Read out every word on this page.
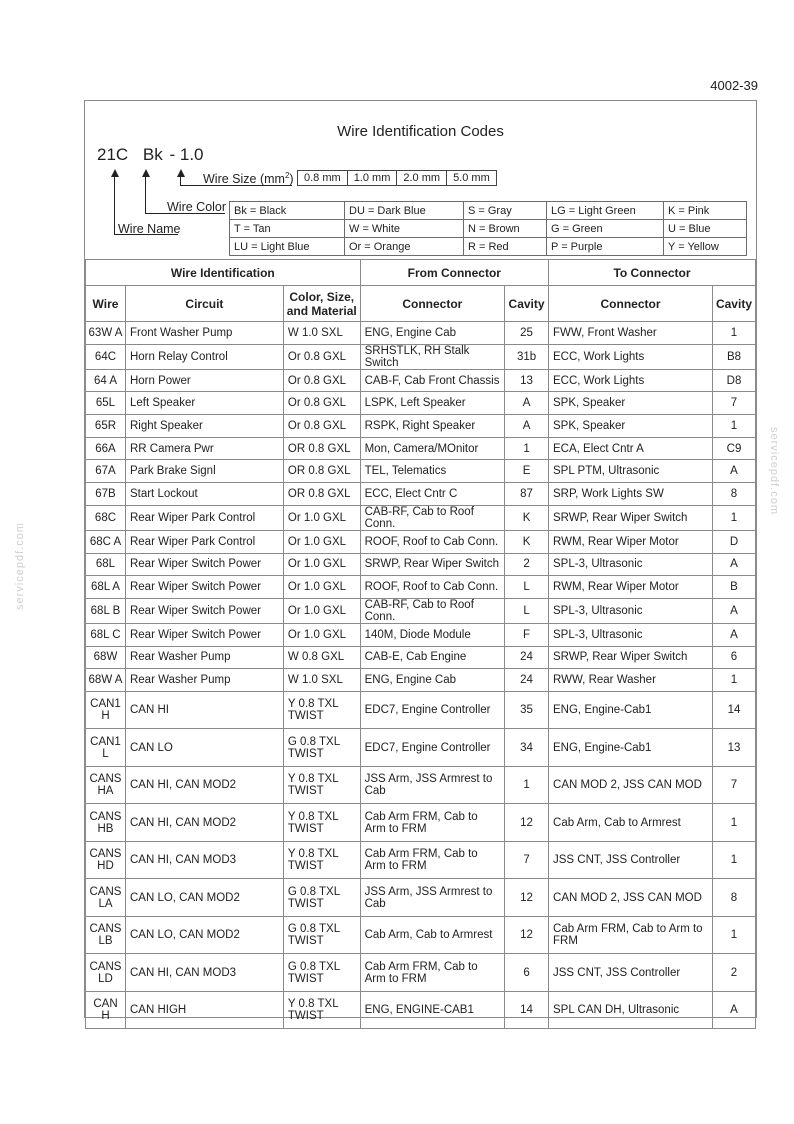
4002-39
servicepdf.com
servicepdf.com
Wire Identification Codes
21C Bk - 1.0
Wire Size $(mm^2)$ 0.8 mm	1.0 mm	2.0 mm	5.0 mm
Wire Color
Wire Name
Bk = Black	DU = Dark Blue	S = Gray	LG = Light Green	K = Pink
T = Tan	W = White	N = Brown	G = Green	U = Blue
LU = Light Blue	Or = Orange	R = Red	P = Purple	Y = Yellow
Wire Identification			From Connector		To Connector	
Wire	Circuit	Color, Size, and Material	Connector	Cavity	Connector	Cavity
63W A	Front Washer Pump	W 1.0 SXL	ENG, Engine Cab	25	FWW, Front Washer	1
64C	Horn Relay Control	Or 0.8 GXL	SRHSTLK, RH Stalk Switch	31b	ECC, Work Lights	B8
64 A	Horn Power	Or 0.8 GXL	CAB-F, Cab Front Chassis	13	ECC, Work Lights	D8
65L	Left Speaker	Or 0.8 GXL	LSPK, Left Speaker	A	SPK, Speaker	7
65R	Right Speaker	Or 0.8 GXL	RSPK, Right Speaker	A	SPK, Speaker	1
66A	RR Camera Pwr	OR 0.8 GXL	Mon, Camera/MOnitor	1	ECA, Elect Cntr A	C9
67A	Park Brake Signl	OR 0.8 GXL	TEL, Telematics	E	SPL PTM, Ultrasonic	A
67B	Start Lockout	OR 0.8 GXL	ECC, Elect Cntr C	87	SRP, Work Lights SW	8
68C	Rear Wiper Park Control	Or 1.0 GXL	CAB-RF, Cab to Roof Conn.	K	SRWP, Rear Wiper Switch	1
68C A	Rear Wiper Park Control	Or 1.0 GXL	ROOF, Roof to Cab Conn.	K	RWM, Rear Wiper Motor	D
68L	Rear Wiper Switch Power	Or 1.0 GXL	SRWP, Rear Wiper Switch	2	SPL-3, Ultrasonic	A
68L A	Rear Wiper Switch Power	Or 1.0 GXL	ROOF, Roof to Cab Conn.	L	RWM, Rear Wiper Motor	B
68L B	Rear Wiper Switch Power	Or 1.0 GXL	CAB-RF, Cab to Roof Conn.	L	SPL-3, Ultrasonic	A
68L C	Rear Wiper Switch Power	Or 1.0 GXL	140M, Diode Module	F	SPL-3, Ultrasonic	A
68W	Rear Washer Pump	W 0.8 GXL	CAB-E, Cab Engine	24	SRWP, Rear Wiper Switch	6
68W A	Rear Washer Pump	W 1.0 SXL	ENG, Engine Cab	24	RWW, Rear Washer	1
CAN1 H	CAN HI	Y 0.8 TXL TWIST	EDC7, Engine Controller	35	ENG, Engine-Cab1	14
CAN1 L	CAN LO	G 0.8 TXL TWIST	EDC7, Engine Controller	34	ENG, Engine-Cab1	13
CANS HA	CAN HI, CAN MOD2	Y 0.8 TXL TWIST	JSS Arm, JSS Armrest to Cab	1	CAN MOD 2, JSS CAN MOD	7
CANS HB	CAN HI, CAN MOD2	Y 0.8 TXL TWIST	Cab Arm FRM, Cab to Arm to FRM	12	Cab Arm, Cab to Armrest	1
CANS HD	CAN HI, CAN MOD3	Y 0.8 TXL TWIST	Cab Arm FRM, Cab to Arm to FRM	7	JSS CNT, JSS Controller	1
CANS LA	CAN LO, CAN MOD2	G 0.8 TXL TWIST	JSS Arm, JSS Armrest to Cab	12	CAN MOD 2, JSS CAN MOD	8
CANS LB	CAN LO, CAN MOD2	G 0.8 TXL TWIST	Cab Arm, Cab to Armrest	12	Cab Arm FRM, Cab to Arm to FRM	1
CANS LD	CAN HI, CAN MOD3	G 0.8 TXL TWIST	Cab Arm FRM, Cab to Arm to FRM	6	JSS CNT, JSS Controller	2
CAN H	CAN HIGH	Y 0.8 TXL TWIST	ENG, ENGINE-CAB1	14	SPL CAN DH, Ultrasonic	A
